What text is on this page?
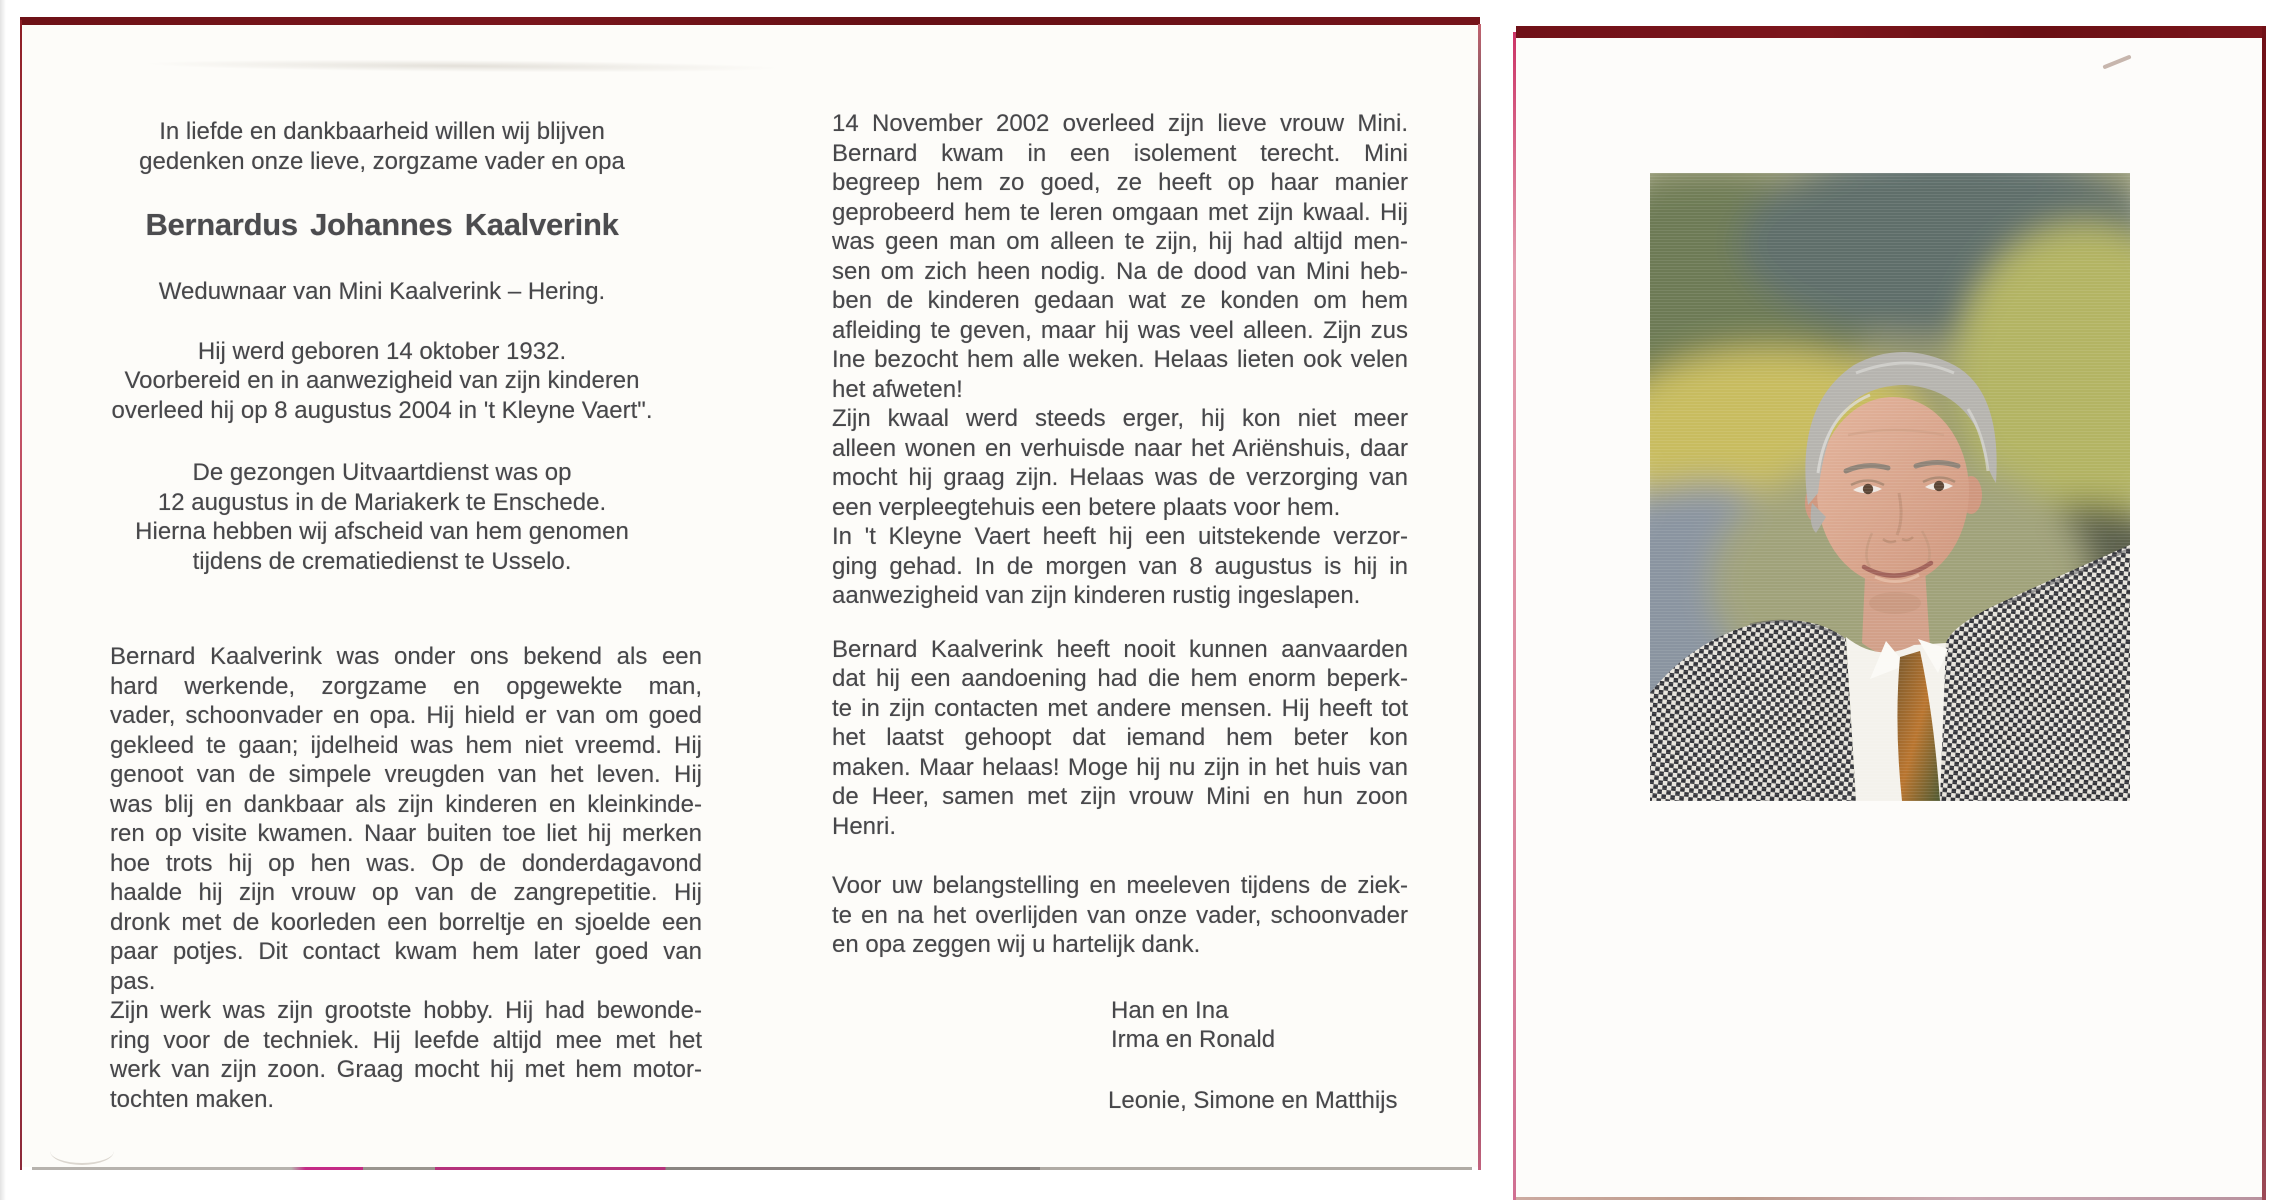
In liefde en dankbaarheid willen wij blijven
gedenken onze lieve, zorgzame vader en opa
Bernardus Johannes Kaalverink
Weduwnaar van Mini Kaalverink – Hering.
Hij werd geboren 14 oktober 1932.
Voorbereid en in aanwezigheid van zijn kinderen
overleed hij op 8 augustus 2004 in 't Kleyne Vaert".
De gezongen Uitvaartdienst was op
12 augustus in de Mariakerk te Enschede.
Hierna hebben wij afscheid van hem genomen
tijdens de crematiedienst te Usselo.
Bernard Kaalverink was onder ons bekend als een
hard werkende, zorgzame en opgewekte man,
vader, schoonvader en opa. Hij hield er van om goed
gekleed te gaan; ijdelheid was hem niet vreemd. Hij
genoot van de simpele vreugden van het leven. Hij
was blij en dankbaar als zijn kinderen en kleinkinde-
ren op visite kwamen. Naar buiten toe liet hij merken
hoe trots hij op hen was. Op de donderdagavond
haalde hij zijn vrouw op van de zangrepetitie. Hij
dronk met de koorleden een borreltje en sjoelde een
paar potjes. Dit contact kwam hem later goed van
pas.
Zijn werk was zijn grootste hobby. Hij had bewonde-
ring voor de techniek. Hij leefde altijd mee met het
werk van zijn zoon. Graag mocht hij met hem motor-
tochten maken.
14 November 2002 overleed zijn lieve vrouw Mini.
Bernard kwam in een isolement terecht. Mini
begreep hem zo goed, ze heeft op haar manier
geprobeerd hem te leren omgaan met zijn kwaal. Hij
was geen man om alleen te zijn, hij had altijd men-
sen om zich heen nodig. Na de dood van Mini heb-
ben de kinderen gedaan wat ze konden om hem
afleiding te geven, maar hij was veel alleen. Zijn zus
Ine bezocht hem alle weken. Helaas lieten ook velen
het afweten!
Zijn kwaal werd steeds erger, hij kon niet meer
alleen wonen en verhuisde naar het Ariënshuis, daar
mocht hij graag zijn. Helaas was de verzorging van
een verpleegtehuis een betere plaats voor hem.
In 't Kleyne Vaert heeft hij een uitstekende verzor-
ging gehad. In de morgen van 8 augustus is hij in
aanwezigheid van zijn kinderen rustig ingeslapen.
Bernard Kaalverink heeft nooit kunnen aanvaarden
dat hij een aandoening had die hem enorm beperk-
te in zijn contacten met andere mensen. Hij heeft tot
het laatst gehoopt dat iemand hem beter kon
maken. Maar helaas! Moge hij nu zijn in het huis van
de Heer, samen met zijn vrouw Mini en hun zoon
Henri.
Voor uw belangstelling en meeleven tijdens de ziek-
te en na het overlijden van onze vader, schoonvader
en opa zeggen wij u hartelijk dank.
Han en Ina
Irma en Ronald
Leonie, Simone en Matthijs
